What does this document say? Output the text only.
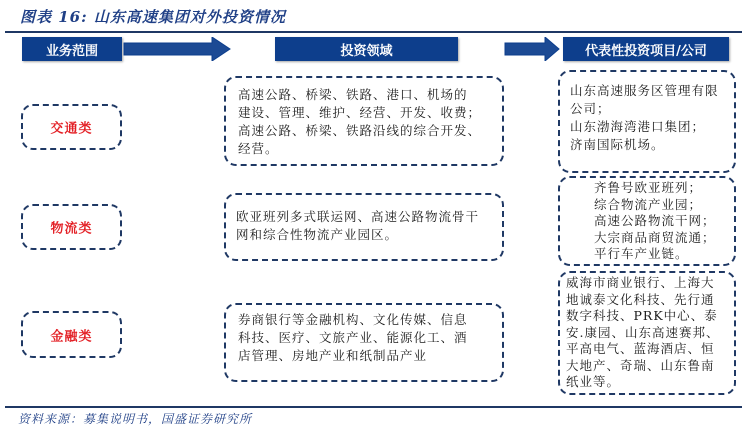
图表 16: 山东高速集团对外投资情况
业务范围	投资领域	代表性投资项目/公司
交通类
高速公路、桥梁、铁路、港口、机场的
建设、管理、维护、经营、开发、收费；
高速公路、桥梁、铁路沿线的综合开发、
经营。
山东高速服务区管理有限
公司；
山东渤海湾港口集团；
济南国际机场。
物流类
欧亚班列多式联运网、高速公路物流骨干
网和综合性物流产业园区。
齐鲁号欧亚班列；
综合物流产业园；
高速公路物流干网；
大宗商品商贸流通；
平行车产业链。
金融类
券商银行等金融机构、文化传媒、信息
科技、医疗、文旅产业、能源化工、酒
店管理、房地产业和纸制品产业
威海市商业银行、上海大
地诚泰文化科技、先行通
数字科技、PRK中心、泰
安.康园、山东高速赛邦、
平高电气、蓝海酒店、恒
大地产、奇瑞、山东鲁南
纸业等。
资料来源：募集说明书，国盛证券研究所
